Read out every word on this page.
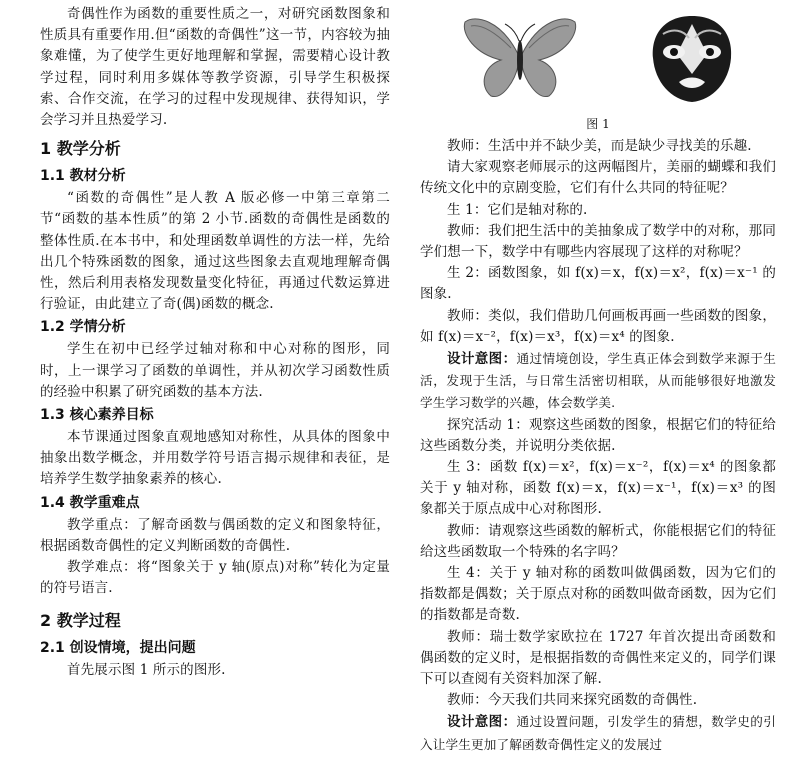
奇偶性作为函数的重要性质之一，对研究函数图象和性质具有重要作用.但“函数的奇偶性”这一节，内容较为抽象难懂，为了使学生更好地理解和掌握，需要精心设计教学过程，同时利用多媒体等教学资源，引导学生积极探索、合作交流，在学习的过程中发现规律、获得知识，学会学习并且热爱学习.

1 教学分析
1.1 教材分析

“函数的奇偶性”是人教 A 版必修一中第三章第二节“函数的基本性质”的第 2 小节.函数的奇偶性是函数的整体性质.在本书中，和处理函数单调性的方法一样，先给出几个特殊函数的图象，通过这些图象去直观地理解奇偶性，然后利用表格发现数量变化特征，再通过代数运算进行验证，由此建立了奇(偶)函数的概念.

1.2 学情分析

学生在初中已经学过轴对称和中心对称的图形，同时，上一课学习了函数的单调性，并从初次学习函数性质的经验中积累了研究函数的基本方法.

1.3 核心素养目标

本节课通过图象直观地感知对称性，从具体的图象中抽象出数学概念，并用数学符号语言揭示规律和表征，是培养学生数学抽象素养的核心.

1.4 教学重难点

教学重点：了解奇函数与偶函数的定义和图象特征，根据函数奇偶性的定义判断函数的奇偶性.

教学难点：将“图象关于 y 轴(原点)对称”转化为定量的符号语言.

2 教学过程
2.1 创设情境，提出问题

首先展示图 1 所示的图形.

图 1

教师：生活中并不缺少美，而是缺少寻找美的乐趣.

请大家观察老师展示的这两幅图片，美丽的蝴蝶和我们传统文化中的京剧变脸，它们有什么共同的特征呢？

生 1：它们是轴对称的.

教师：我们把生活中的美抽象成了数学中的对称，那同学们想一下，数学中有哪些内容展现了这样的对称呢？

生 2：函数图象，如 f(x)＝x，f(x)＝x²，f(x)＝x⁻¹ 的图象.

教师：类似，我们借助几何画板再画一些函数的图象，如 f(x)＝x⁻²，f(x)＝x³，f(x)＝x⁴ 的图象.

设计意图：通过情境创设，学生真正体会到数学来源于生活，发现于生活，与日常生活密切相联，从而能够很好地激发学生学习数学的兴趣，体会数学美.

探究活动 1：观察这些函数的图象，根据它们的特征给这些函数分类，并说明分类依据.

生 3：函数 f(x)＝x²，f(x)＝x⁻²，f(x)＝x⁴ 的图象都关于 y 轴对称，函数 f(x)＝x，f(x)＝x⁻¹，f(x)＝x³ 的图象都关于原点成中心对称图形.

教师：请观察这些函数的解析式，你能根据它们的特征给这些函数取一个特殊的名字吗？

生 4：关于 y 轴对称的函数叫做偶函数，因为它们的指数都是偶数；关于原点对称的函数叫做奇函数，因为它们的指数都是奇数.

教师：瑞士数学家欧拉在 1727 年首次提出奇函数和偶函数的定义时，是根据指数的奇偶性来定义的，同学们课下可以查阅有关资料加深了解.

教师：今天我们共同来探究函数的奇偶性.

设计意图：通过设置问题，引发学生的猜想，数学史的引入让学生更加了解函数奇偶性定义的发展过
